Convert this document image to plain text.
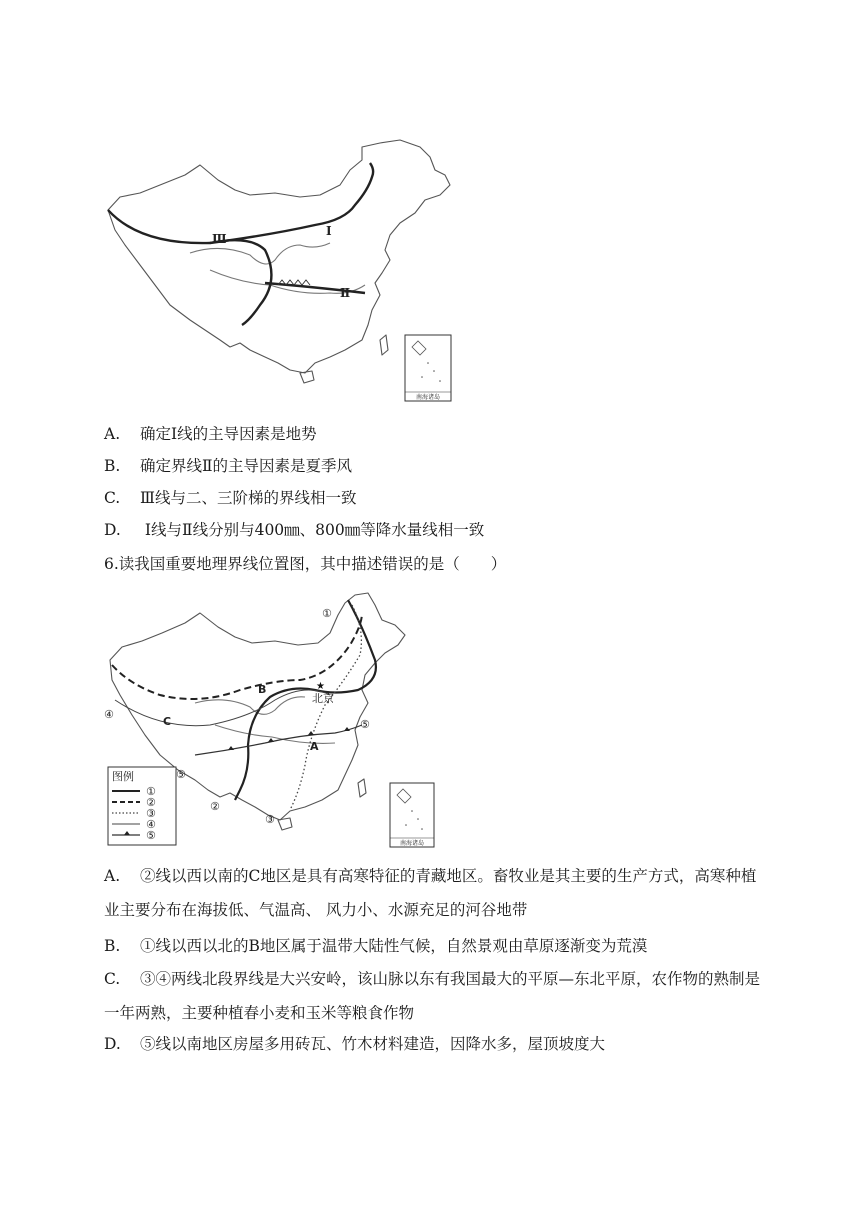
Ⅲ
Ⅰ
Ⅱ
南海诸岛
A. 确定Ⅰ线的主导因素是地势
B. 确定界线Ⅱ的主导因素是夏季风
C. Ⅲ线与二、三阶梯的界线相一致
D. Ⅰ线与Ⅱ线分别与400㎜、800㎜等降水量线相一致
6.读我国重要地理界线位置图，其中描述错误的是（　　）
①
④
⑤
⑤
②
③
B
C
A
★
北京
图例
①
②
③
④
⑤
南海诸岛
A. ②线以西以南的C地区是具有高寒特征的青藏地区。畜牧业是其主要的生产方式，高寒种植业主要分布在海拔低、气温高、 风力小、水源充足的河谷地带
B. ①线以西以北的B地区属于温带大陆性气候，自然景观由草原逐渐变为荒漠
C. ③④两线北段界线是大兴安岭，该山脉以东有我国最大的平原—东北平原，农作物的熟制是一年两熟，主要种植春小麦和玉米等粮食作物
D. ⑤线以南地区房屋多用砖瓦、竹木材料建造，因降水多，屋顶坡度大
